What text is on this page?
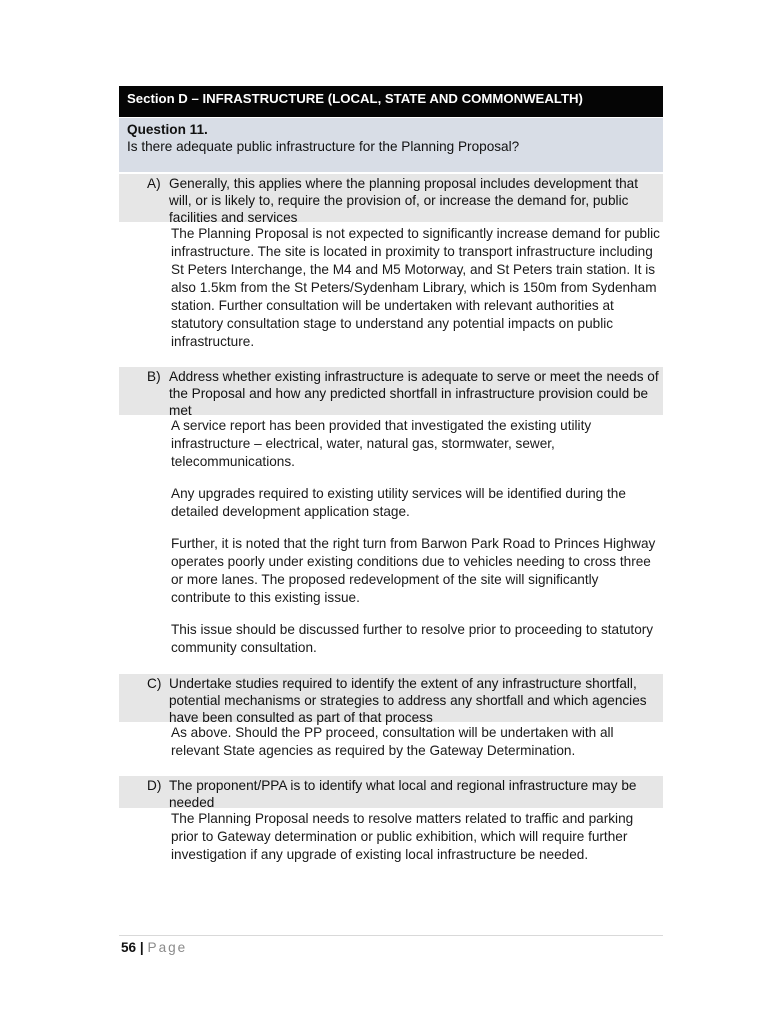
Section D – INFRASTRUCTURE (LOCAL, STATE AND COMMONWEALTH)
Question 11.
Is there adequate public infrastructure for the Planning Proposal?
A) Generally, this applies where the planning proposal includes development that will, or is likely to, require the provision of, or increase the demand for, public facilities and services

The Planning Proposal is not expected to significantly increase demand for public infrastructure. The site is located in proximity to transport infrastructure including St Peters Interchange, the M4 and M5 Motorway, and St Peters train station. It is also 1.5km from the St Peters/Sydenham Library, which is 150m from Sydenham station. Further consultation will be undertaken with relevant authorities at statutory consultation stage to understand any potential impacts on public infrastructure.

B) Address whether existing infrastructure is adequate to serve or meet the needs of the Proposal and how any predicted shortfall in infrastructure provision could be met

A service report has been provided that investigated the existing utility infrastructure – electrical, water, natural gas, stormwater, sewer, telecommunications.

Any upgrades required to existing utility services will be identified during the detailed development application stage.

Further, it is noted that the right turn from Barwon Park Road to Princes Highway operates poorly under existing conditions due to vehicles needing to cross three or more lanes. The proposed redevelopment of the site will significantly contribute to this existing issue.

This issue should be discussed further to resolve prior to proceeding to statutory community consultation.

C) Undertake studies required to identify the extent of any infrastructure shortfall, potential mechanisms or strategies to address any shortfall and which agencies have been consulted as part of that process

As above. Should the PP proceed, consultation will be undertaken with all relevant State agencies as required by the Gateway Determination.

D) The proponent/PPA is to identify what local and regional infrastructure may be needed

The Planning Proposal needs to resolve matters related to traffic and parking prior to Gateway determination or public exhibition, which will require further investigation if any upgrade of existing local infrastructure be needed.

56 | Page
